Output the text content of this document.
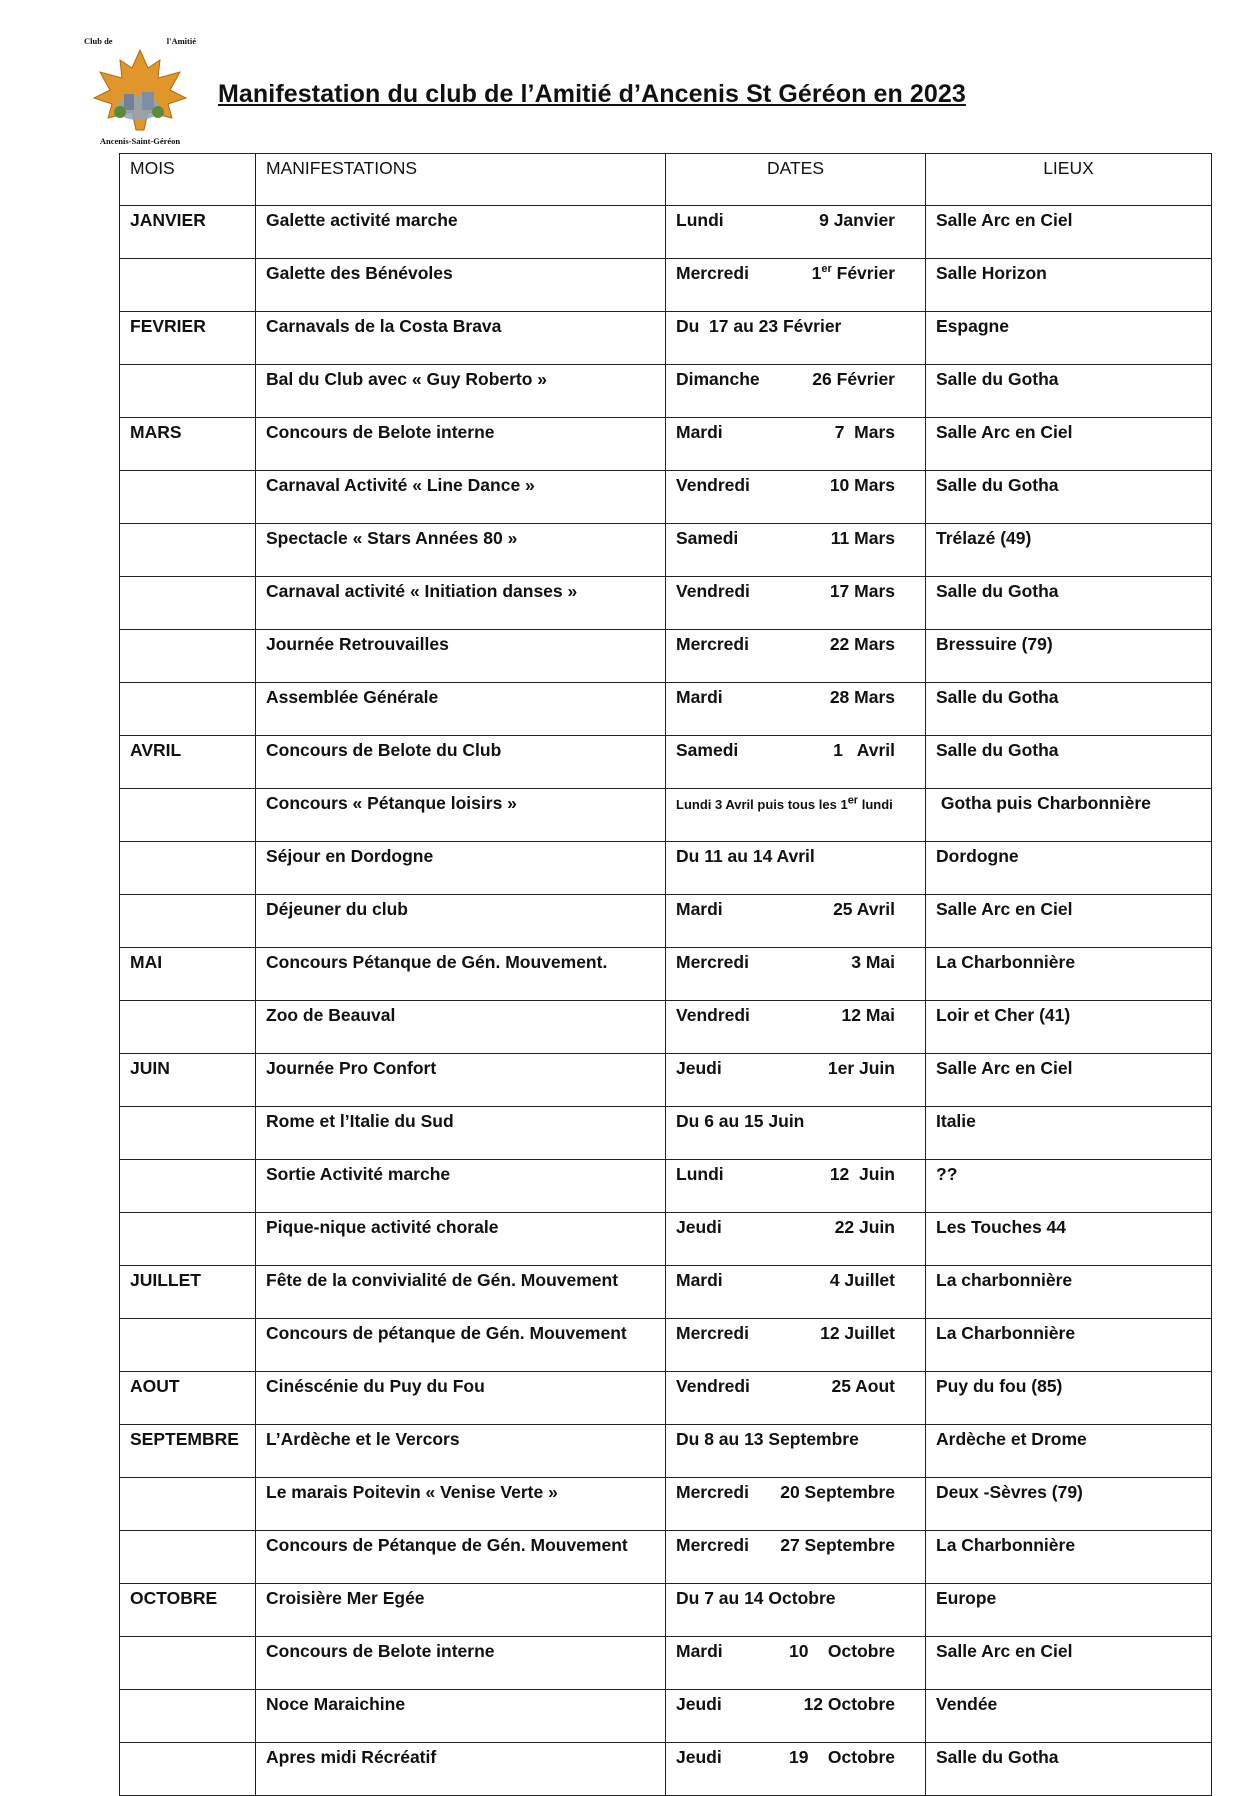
Club de	l'Amitié
Ancenis-Saint-Géréon
Manifestation du club de l’Amitié d’Ancenis St Géréon en 2023
MOIS	MANIFESTATIONS	DATES	LIEUX
JANVIER	Galette activité marche	Lundi 9 Janvier	Salle Arc en Ciel
	Galette des Bénévoles	Mercredi 1er Février	Salle Horizon
FEVRIER	Carnavals de la Costa Brava	Du  17 au 23 Février	Espagne
	Bal du Club avec « Guy Roberto »	Dimanche 26 Février	Salle du Gotha
MARS	Concours de Belote interne	Mardi 7  Mars	Salle Arc en Ciel
	Carnaval Activité « Line Dance »	Vendredi 10 Mars	Salle du Gotha
	Spectacle « Stars Années 80 »	Samedi 11 Mars	Trélazé (49)
	Carnaval activité « Initiation danses »	Vendredi 17 Mars	Salle du Gotha
	Journée Retrouvailles	Mercredi 22 Mars	Bressuire (79)
	Assemblée Générale	Mardi 28 Mars	Salle du Gotha
AVRIL	Concours de Belote du Club	Samedi 1   Avril	Salle du Gotha
	Concours « Pétanque loisirs »	Lundi 3 Avril puis tous les 1er lundi	Gotha puis Charbonnière
	Séjour en Dordogne	Du 11 au 14 Avril	Dordogne
	Déjeuner du club	Mardi 25 Avril	Salle Arc en Ciel
MAI	Concours Pétanque de Gén. Mouvement.	Mercredi 3 Mai	La Charbonnière
	Zoo de Beauval	Vendredi 12 Mai	Loir et Cher (41)
JUIN	Journée Pro Confort	Jeudi 1er Juin	Salle Arc en Ciel
	Rome et l’Italie du Sud	Du 6 au 15 Juin	Italie
	Sortie Activité marche	Lundi 12  Juin	??
	Pique-nique activité chorale	Jeudi 22 Juin	Les Touches 44
JUILLET	Fête de la convivialité de Gén. Mouvement	Mardi 4 Juillet	La charbonnière
	Concours de pétanque de Gén. Mouvement	Mercredi 12 Juillet	La Charbonnière
AOUT	Cinéscénie du Puy du Fou	Vendredi 25 Aout	Puy du fou (85)
SEPTEMBRE	L’Ardèche et le Vercors	Du 8 au 13 Septembre	Ardèche et Drome
	Le marais Poitevin « Venise Verte »	Mercredi 20 Septembre	Deux -Sèvres (79)
	Concours de Pétanque de Gén. Mouvement	Mercredi 27 Septembre	La Charbonnière
OCTOBRE	Croisière Mer Egée	Du 7 au 14 Octobre	Europe
	Concours de Belote interne	Mardi 10    Octobre	Salle Arc en Ciel
	Noce Maraichine	Jeudi 12 Octobre	Vendée
	Apres midi Récréatif	Jeudi 19    Octobre	Salle du Gotha
